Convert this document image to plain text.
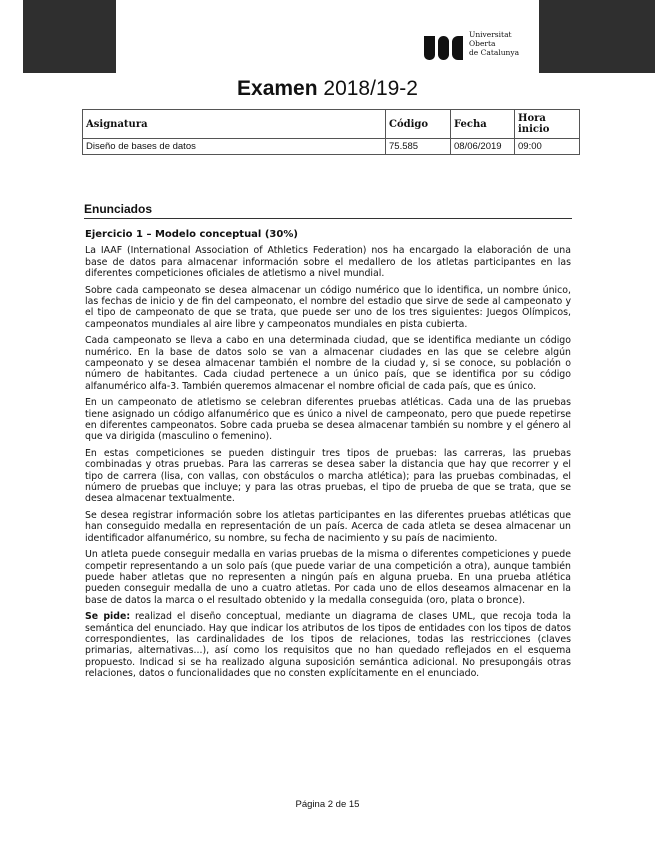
Universitat
Oberta
de Catalunya
Examen 2018/19-2
Asignatura	Código	Fecha	Hora inicio
Diseño de bases de datos	75.585	08/06/2019	09:00
Enunciados
Ejercicio 1 – Modelo conceptual (30%)

La IAAF (International Association of Athletics Federation) nos ha encargado la elaboración de una base de datos para almacenar información sobre el medallero de los atletas participantes en las diferentes competiciones oficiales de atletismo a nivel mundial.

Sobre cada campeonato se desea almacenar un código numérico que lo identifica, un nombre único, las fechas de inicio y de fin del campeonato, el nombre del estadio que sirve de sede al campeonato y el tipo de campeonato de que se trata, que puede ser uno de los tres siguientes: Juegos Olímpicos, campeonatos mundiales al aire libre y campeonatos mundiales en pista cubierta.

Cada campeonato se lleva a cabo en una determinada ciudad, que se identifica mediante un código numérico. En la base de datos solo se van a almacenar ciudades en las que se celebre algún campeonato y se desea almacenar también el nombre de la ciudad y, si se conoce, su población o número de habitantes. Cada ciudad pertenece a un único país, que se identifica por su código alfanumérico alfa-3. También queremos almacenar el nombre oficial de cada país, que es único.

En un campeonato de atletismo se celebran diferentes pruebas atléticas. Cada una de las pruebas tiene asignado un código alfanumérico que es único a nivel de campeonato, pero que puede repetirse en diferentes campeonatos. Sobre cada prueba se desea almacenar también su nombre y el género al que va dirigida (masculino o femenino).

En estas competiciones se pueden distinguir tres tipos de pruebas: las carreras, las pruebas combinadas y otras pruebas. Para las carreras se desea saber la distancia que hay que recorrer y el tipo de carrera (lisa, con vallas, con obstáculos o marcha atlética); para las pruebas combinadas, el número de pruebas que incluye; y para las otras pruebas, el tipo de prueba de que se trata, que se desea almacenar textualmente.

Se desea registrar información sobre los atletas participantes en las diferentes pruebas atléticas que han conseguido medalla en representación de un país. Acerca de cada atleta se desea almacenar un identificador alfanumérico, su nombre, su fecha de nacimiento y su país de nacimiento.

Un atleta puede conseguir medalla en varias pruebas de la misma o diferentes competiciones y puede competir representando a un solo país (que puede variar de una competición a otra), aunque también puede haber atletas que no representen a ningún país en alguna prueba. En una prueba atlética pueden conseguir medalla de uno a cuatro atletas. Por cada uno de ellos deseamos almacenar en la base de datos la marca o el resultado obtenido y la medalla conseguida (oro, plata o bronce).

Se pide: realizad el diseño conceptual, mediante un diagrama de clases UML, que recoja toda la semántica del enunciado. Hay que indicar los atributos de los tipos de entidades con los tipos de datos correspondientes, las cardinalidades de los tipos de relaciones, todas las restricciones (claves primarias, alternativas...), así como los requisitos que no han quedado reflejados en el esquema propuesto. Indicad si se ha realizado alguna suposición semántica adicional. No presupongáis otras relaciones, datos o funcionalidades que no consten explícitamente en el enunciado.

Página 2 de 15
